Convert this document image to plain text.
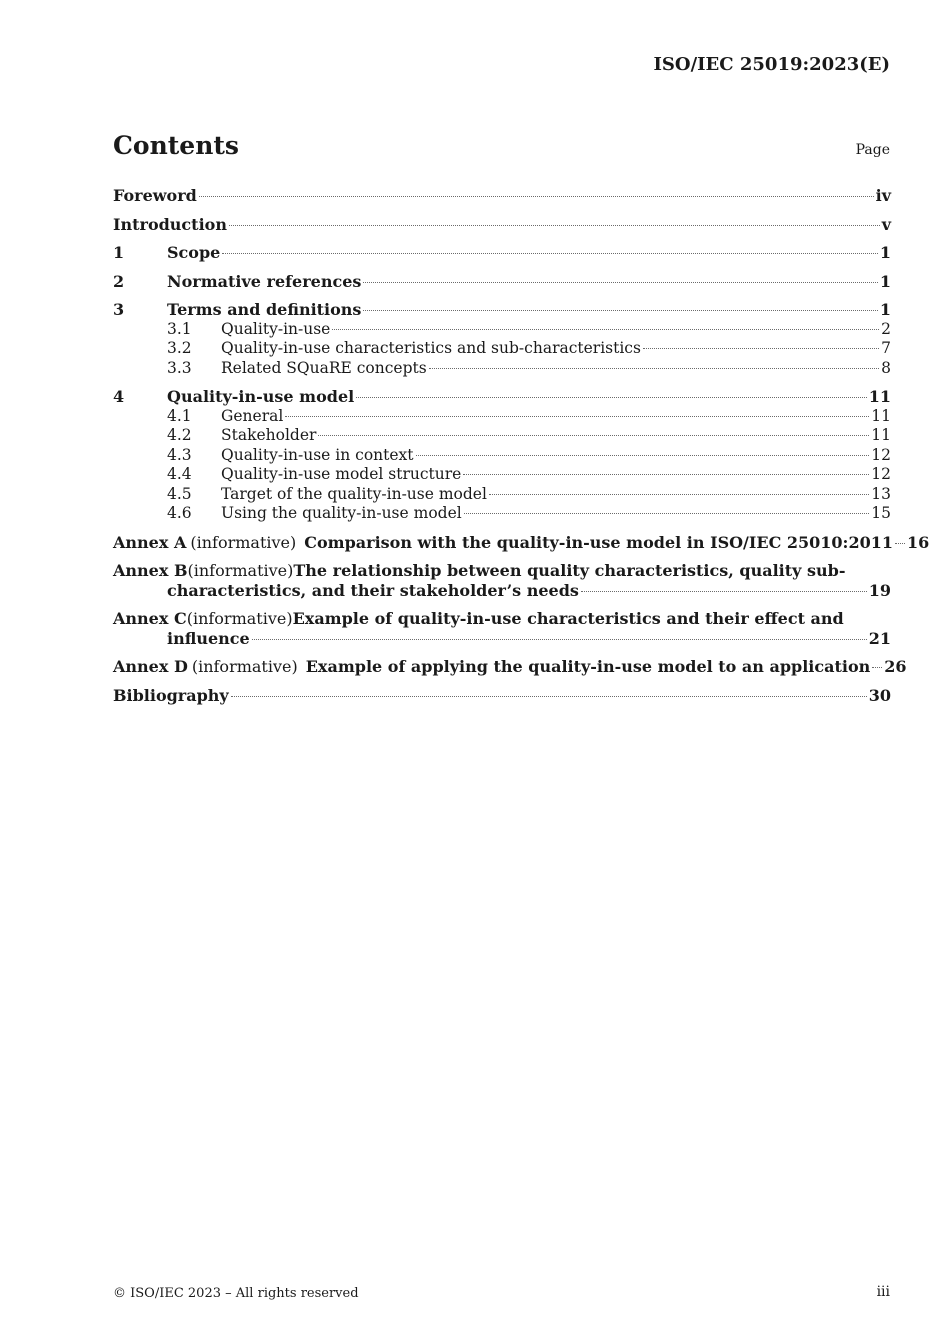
ISO/IEC 25019:2023(E)
Contents	Page
Foreword	iv
Introduction	v
1	Scope	1
2	Normative references	1
3	Terms and definitions	1
3.1	Quality-in-use	2
3.2	Quality-in-use characteristics and sub-characteristics	7
3.3	Related SQuaRE concepts	8
4	Quality-in-use model	11
4.1	General	11
4.2	Stakeholder	11
4.3	Quality-in-use in context	12
4.4	Quality-in-use model structure	12
4.5	Target of the quality-in-use model	13
4.6	Using the quality-in-use model	15
Annex A (informative) Comparison with the quality-in-use model in ISO/IEC 25010:2011 16
Annex B (informative) The relationship between quality characteristics, quality sub-
characteristics, and their stakeholder’s needs	19
Annex C (informative) Example of quality-in-use characteristics and their effect and
influence	21
Annex D (informative) Example of applying the quality-in-use model to an application 26
Bibliography	30
© ISO/IEC 2023 – All rights reserved	iii
